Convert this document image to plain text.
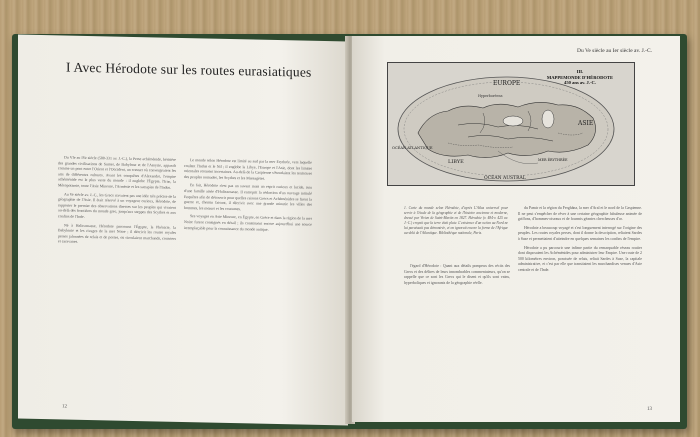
I Avec Hérodote sur les routes eurasiatiques

Du VIe au IVe siècle (580-331 av. J.-C.), la Perse achéménide, héritière des grandes civilisations de Sumer, de Babylone et de l'Assyrie, apparaît comme un pont entre l'Orient et l'Occident, un creuset où convergeaient les arts de différentes cultures. Avant les conquêtes d'Alexandre, l'empire achéménide est le plus vaste du monde : il englobe l'Égypte, l'Iran, la Mésopotamie, toute l'Asie Mineure, l'Arménie et les satrapies de l'Indus.

Au Ve siècle av. J.-C., les Grecs n'avaient pas une idée très précise de la géographie de l'Asie. Il était réservé à un voyageur curieux, Hérodote, de rapporter le premier des observations directes sur les peuples qui vivaient au-delà des frontières du monde grec, jusqu'aux steppes des Scythes et aux confins de l'Inde.

Né à Halicarnasse, Hérodote parcourut l'Égypte, la Phénicie, la Babylonie et les rivages de la mer Noire ; il décrivit les routes royales perses jalonnées de relais et de postes, où circulaient marchands, courriers et caravanes.

Le monde selon Hérodote est limité au sud par la mer Érythrée, vers laquelle coulent l'Indus et le Nil ; il englobe la Libye, l'Europe et l'Asie, dont les limites orientales restaient incertaines. Au-delà de la Caspienne s'étendaient les territoires des peuples nomades, les Scythes et les Massagètes.

En fait, Hérodote n'est pas un savant mais un esprit curieux et lucide, issu d'une famille aisée d'Halicarnasse. Il entreprit la rédaction d'un ouvrage intitulé Enquêtes afin de découvrir pour quelles raisons Grecs et Achéménides se firent la guerre et, chemin faisant, il décrivit avec une grande minutie les villes des hommes, les mœurs et les coutumes.

Ses voyages en Asie Mineure, en Égypte, en Grèce et dans la région de la mer Noire furent consignés en détail ; ils constituent encore aujourd'hui une source irremplaçable pour la connaissance du monde antique.

12
Du Ve siècle au Ier siècle av. J.-C.
EUROPE
ASIE
LIBYE
OCÉAN AUSTRAL
OCÉAN ATLANTIQUE
MER ÉRYTHRÉE
Hyperboréens
III.
MAPPEMONDE D'HÉRODOTE
450 ans av. J.-C.
1. Carte du monde selon Hérodote, d'après L'Atlas universel pour servir à l'étude de la géographie et de l'histoire ancienne et moderne, dressé par Vivien de Saint-Martin en 1827. Hérodote (v. 484-v. 425 av. J.-C.) croyait que la terre était plate. L'existence d'un océan au Nord ne lui paraissait pas démontrée, et on ignorait encore la forme de l'Afrique au-delà de l'Atlantique. Bibliothèque nationale, Paris.

l'égard d'Hérodote : Quant aux détails pompeux des récits des Grecs et des délires de leurs innombrables commentateurs, qu'on se rappelle que ce sont les Grecs qui le disent et qu'ils sont vains, hyperboliques et ignorants de la géographie réelle.

du Pamir et la région du Ferghâna, la mer d'Aral et le nord de la Caspienne. Il ne peut s'empêcher de rêver à une certaine géographie fabuleuse animée de griffons, d'hommes-oiseaux et de fourmis géantes chercheuses d'or.

Hérodote a beaucoup voyagé et s'est longuement interrogé sur l'origine des peuples. Les routes royales perses, dont il donne la description, reliaient Sardes à Suse et permettaient d'atteindre en quelques semaines les confins de l'empire.

Hérodote a pu parcourir une infime partie du remarquable réseau routier dont disposaient les Achéménides pour administrer leur Empire. Une route de 2 500 kilomètres environ, ponctuée de relais, reliait Sardes à Suse, la capitale administrative, et c'est par elle que transitaient les marchandises venues d'Asie centrale et de l'Inde.

13
